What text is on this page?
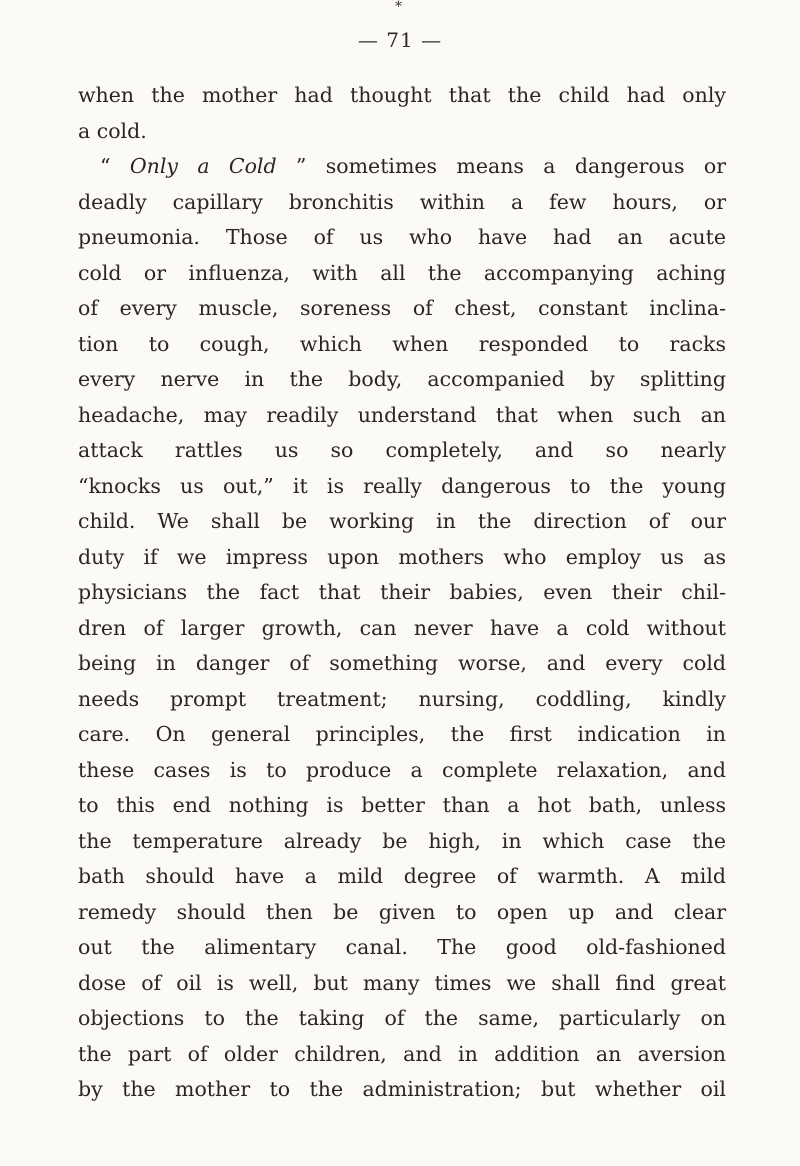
*
— 71 —
when the mother had thought that the child had only
a cold.
“ Only a Cold ” sometimes means a dangerous or
deadly capillary bronchitis within a few hours, or
pneumonia. Those of us who have had an acute
cold or influenza, with all the accompanying aching
of every muscle, soreness of chest, constant inclina-
tion to cough, which when responded to racks
every nerve in the body, accompanied by splitting
headache, may readily understand that when such an
attack rattles us so completely, and so nearly
“knocks us out,” it is really dangerous to the young
child. We shall be working in the direction of our
duty if we impress upon mothers who employ us as
physicians the fact that their babies, even their chil-
dren of larger growth, can never have a cold without
being in danger of something worse, and every cold
needs prompt treatment; nursing, coddling, kindly
care. On general principles, the first indication in
these cases is to produce a complete relaxation, and
to this end nothing is better than a hot bath, unless
the temperature already be high, in which case the
bath should have a mild degree of warmth. A mild
remedy should then be given to open up and clear
out the alimentary canal. The good old-fashioned
dose of oil is well, but many times we shall find great
objections to the taking of the same, particularly on
the part of older children, and in addition an aversion
by the mother to the administration; but whether oil
